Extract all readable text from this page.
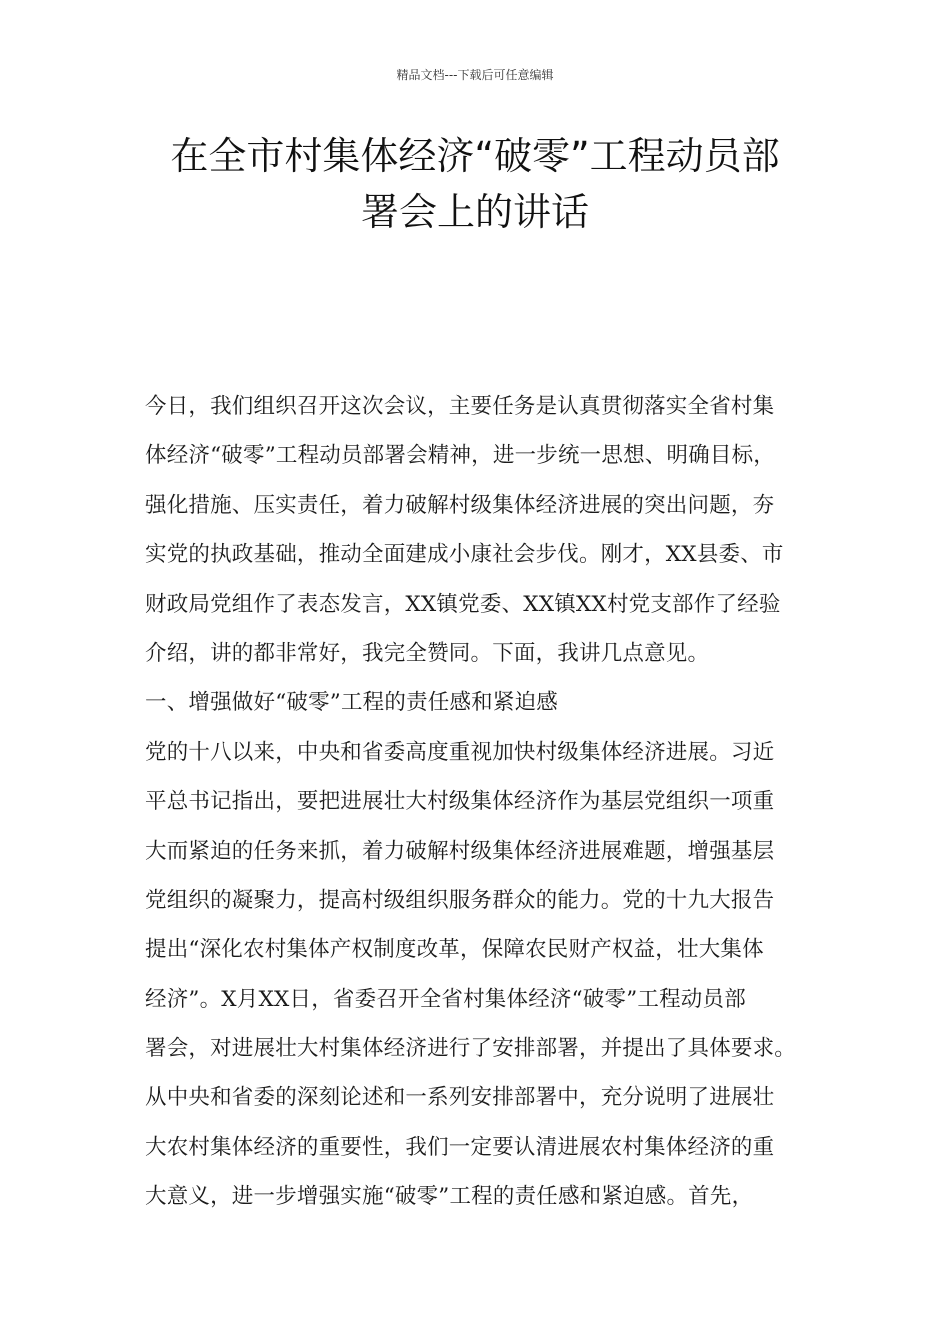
精品文档---下载后可任意编辑
在全市村集体经济“破零”工程动员部
署会上的讲话
今日，我们组织召开这次会议，主要任务是认真贯彻落实全省村集
体经济“破零”工程动员部署会精神，进一步统一思想、明确目标，
强化措施、压实责任，着力破解村级集体经济进展的突出问题，夯
实党的执政基础，推动全面建成小康社会步伐。刚才，XX县委、市
财政局党组作了表态发言，XX镇党委、XX镇XX村党支部作了经验
介绍，讲的都非常好，我完全赞同。下面，我讲几点意见。
一、增强做好“破零”工程的责任感和紧迫感
党的十八以来，中央和省委高度重视加快村级集体经济进展。习近
平总书记指出，要把进展壮大村级集体经济作为基层党组织一项重
大而紧迫的任务来抓，着力破解村级集体经济进展难题，增强基层
党组织的凝聚力，提高村级组织服务群众的能力。党的十九大报告
提出“深化农村集体产权制度改革，保障农民财产权益，壮大集体
经济”。X月XX日，省委召开全省村集体经济“破零”工程动员部
署会，对进展壮大村集体经济进行了安排部署，并提出了具体要求。
从中央和省委的深刻论述和一系列安排部署中，充分说明了进展壮
大农村集体经济的重要性，我们一定要认清进展农村集体经济的重
大意义，进一步增强实施“破零”工程的责任感和紧迫感。首先，
